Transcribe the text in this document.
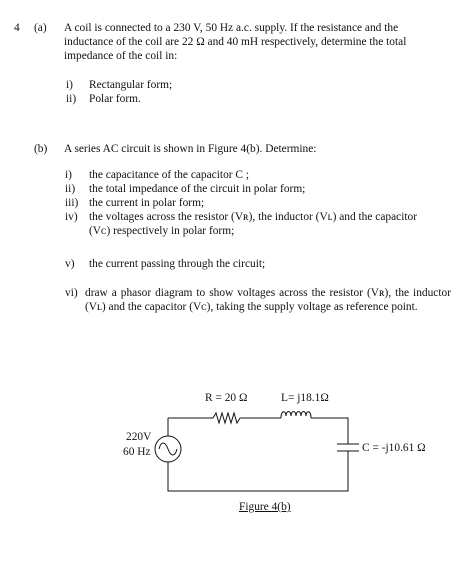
4 (a) A coil is connected to a 230 V, 50 Hz a.c. supply. If the resistance and the

inductance of the coil are 22 Ω and 40 mH respectively, determine the total

impedance of the coil in:

i) Rectangular form;

ii) Polar form.

(b) A series AC circuit is shown in Figure 4(b). Determine:

i) the capacitance of the capacitor C ;

ii) the total impedance of the circuit in polar form;

iii) the current in polar form;

iv) the voltages across the resistor (Vʀ), the inductor (Vʟ) and the capacitor

(Vᴄ) respectively in polar form;

v) the current passing through the circuit;

vi) draw a phasor diagram to show voltages across the resistor (Vʀ), the inductor (Vʟ) and the capacitor (Vᴄ), taking the supply voltage as reference point.

R = 20 Ω	L= j18.1Ω
220V
60 Hz	C = -j10.61 Ω

Figure 4(b)
